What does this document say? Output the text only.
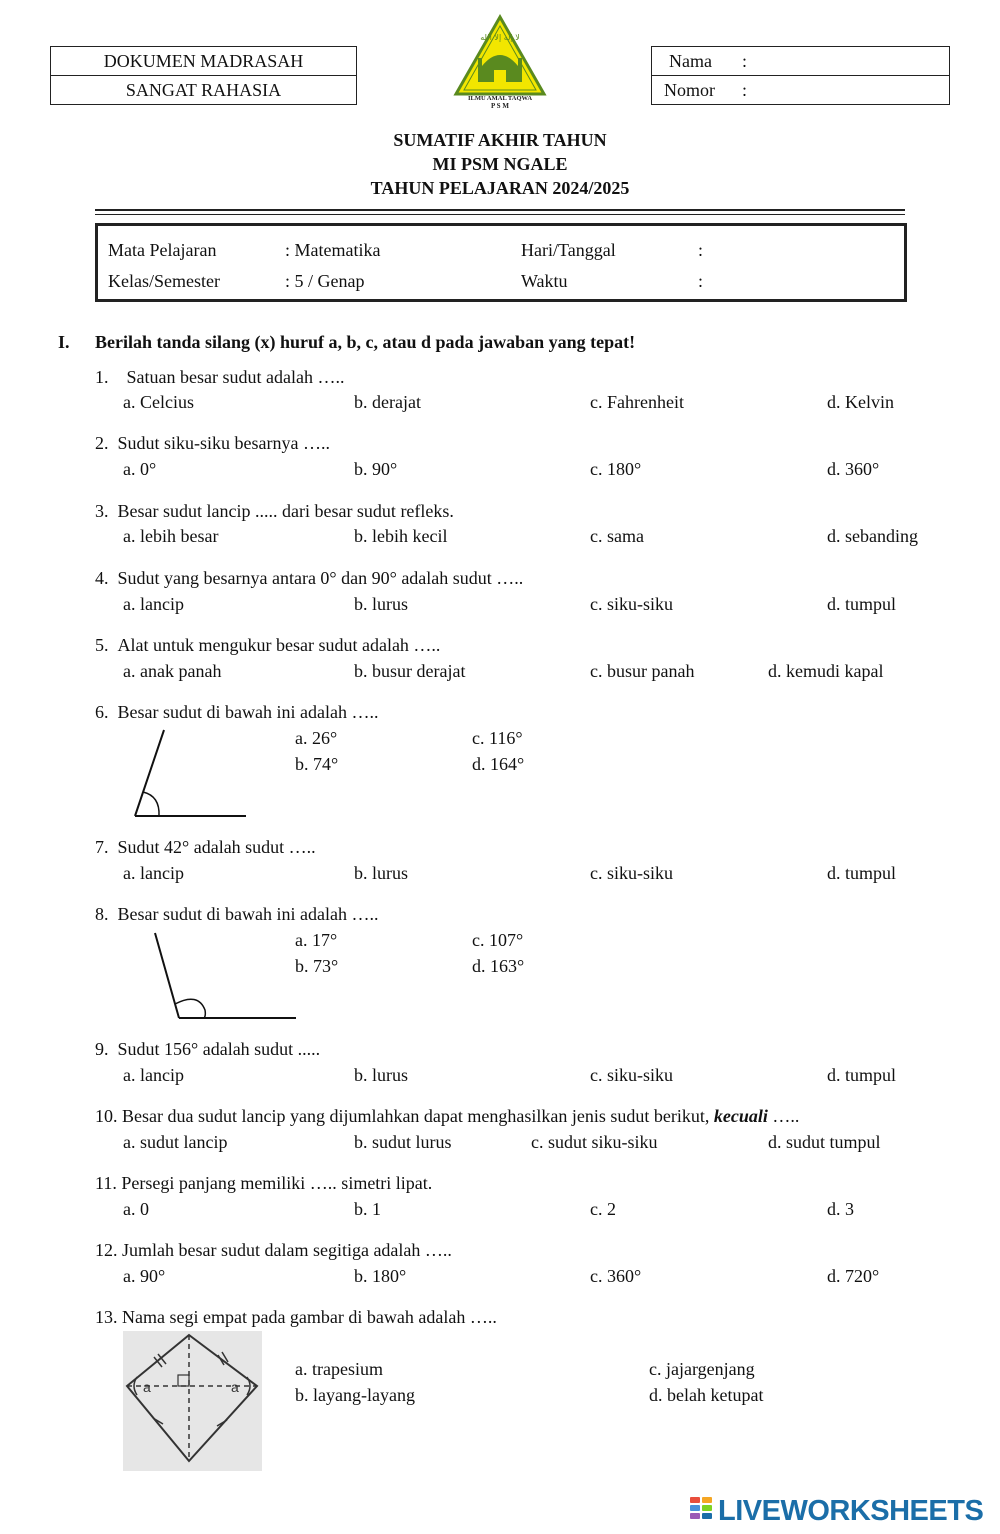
DOKUMEN MADRASAH
SANGAT RAHASIA
لا إله إلا الله
ILMU AMAL TAQWA
P S M
Nama :
Nomor :
SUMATIF AKHIR TAHUN
MI PSM NGALE
TAHUN PELAJARAN 2024/2025
Mata Pelajaran	: Matematika	Hari/Tanggal	:
Kelas/Semester	: 5 / Genap	Waktu	:
I. Berilah tanda silang (x) huruf a, b, c, atau d pada jawaban yang tepat!
1. Satuan besar sudut adalah …..
a. Celcius	b. derajat	c. Fahrenheit	d. Kelvin
2. Sudut siku-siku besarnya …..
a. 0°	b. 90°	c. 180°	d. 360°
3. Besar sudut lancip ..... dari besar sudut refleks.
a. lebih besar	b. lebih kecil	c. sama	d. sebanding
4. Sudut yang besarnya antara 0° dan 90° adalah sudut …..
a. lancip	b. lurus	c. siku-siku	d. tumpul
5. Alat untuk mengukur besar sudut adalah …..
a. anak panah	b. busur derajat	c. busur panah	d. kemudi kapal
6. Besar sudut di bawah ini adalah …..
a. 26°	c. 116°
b. 74°	d. 164°
7. Sudut 42° adalah sudut …..
a. lancip	b. lurus	c. siku-siku	d. tumpul
8. Besar sudut di bawah ini adalah …..
a. 17°	c. 107°
b. 73°	d. 163°
9. Sudut 156° adalah sudut .....
a. lancip	b. lurus	c. siku-siku	d. tumpul
10. Besar dua sudut lancip yang dijumlahkan dapat menghasilkan jenis sudut berikut, kecuali …..
a. sudut lancip	b. sudut lurus	c. sudut siku-siku	d. sudut tumpul
11. Persegi panjang memiliki ….. simetri lipat.
a. 0	b. 1	c. 2	d. 3
12. Jumlah besar sudut dalam segitiga adalah …..
a. 90°	b. 180°	c. 360°	d. 720°
13. Nama segi empat pada gambar di bawah adalah …..
a	a
a. trapesium	c. jajargenjang
b. layang-layang	d. belah ketupat
LIVEWORKSHEETS
